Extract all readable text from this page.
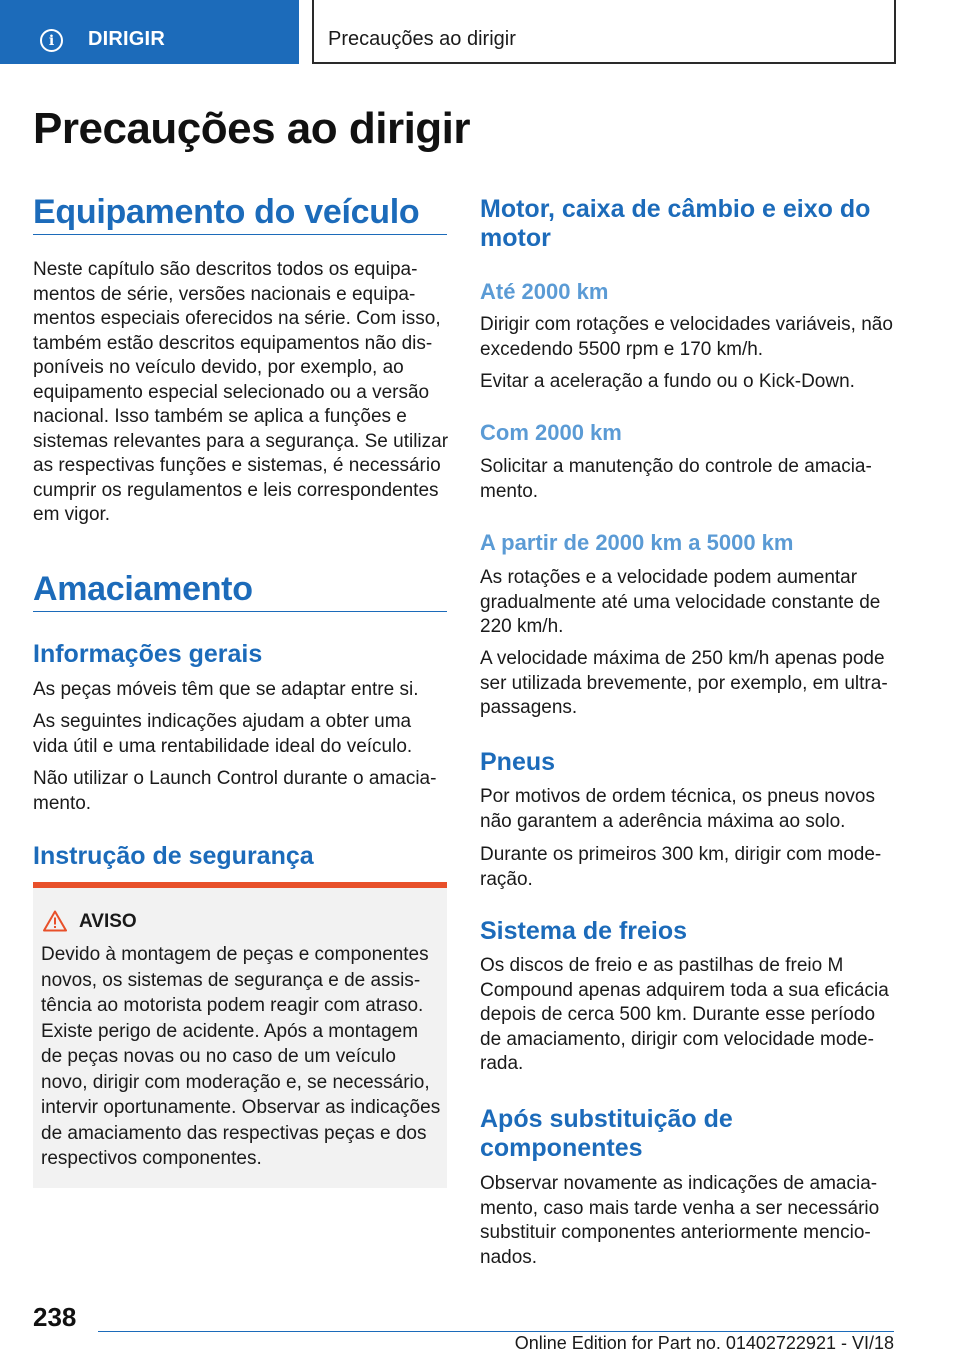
i	DIRIGIR	Precauções ao dirigir
Precauções ao dirigir
Equipamento do veículo

Neste capítulo são descritos todos os equipamentos de série, versões nacionais e equipamentos especiais oferecidos na série. Com isso, também estão descritos equipamentos não disponíveis no veículo devido, por exemplo, ao equipamento especial selecionado ou a versão nacional. Isso também se aplica a funções e sistemas relevantes para a segurança. Se utilizar as respectivas funções e sistemas, é necessário cumprir os regulamentos e leis correspondentes em vigor.

Amaciamento
Informações gerais

As peças móveis têm que se adaptar entre si.

As seguintes indicações ajudam a obter uma vida útil e uma rentabilidade ideal do veículo.

Não utilizar o Launch Control durante o amaciamento.

Instrução de segurança
AVISO

Devido à montagem de peças e componentes novos, os sistemas de segurança e de assistência ao motorista podem reagir com atraso. Existe perigo de acidente. Após a montagem de peças novas ou no caso de um veículo novo, dirigir com moderação e, se necessário, intervir oportunamente. Observar as indicações de amaciamento das respectivas peças e dos respectivos componentes.

Motor, caixa de câmbio e eixo do motor
Até 2000 km

Dirigir com rotações e velocidades variáveis, não excedendo 5500 rpm e 170 km/h.

Evitar a aceleração a fundo ou o Kick-Down.

Com 2000 km

Solicitar a manutenção do controle de amaciamento.

A partir de 2000 km a 5000 km

As rotações e a velocidade podem aumentar gradualmente até uma velocidade constante de 220 km/h.

A velocidade máxima de 250 km/h apenas pode ser utilizada brevemente, por exemplo, em ultrapassagens.

Pneus

Por motivos de ordem técnica, os pneus novos não garantem a aderência máxima ao solo.

Durante os primeiros 300 km, dirigir com moderação.

Sistema de freios

Os discos de freio e as pastilhas de freio M Compound apenas adquirem toda a sua eficácia depois de cerca 500 km. Durante esse período de amaciamento, dirigir com velocidade moderada.

Após substituição de componentes

Observar novamente as indicações de amaciamento, caso mais tarde venha a ser necessário substituir componentes anteriormente mencionados.

238
Online Edition for Part no. 01402722921 - VI/18
